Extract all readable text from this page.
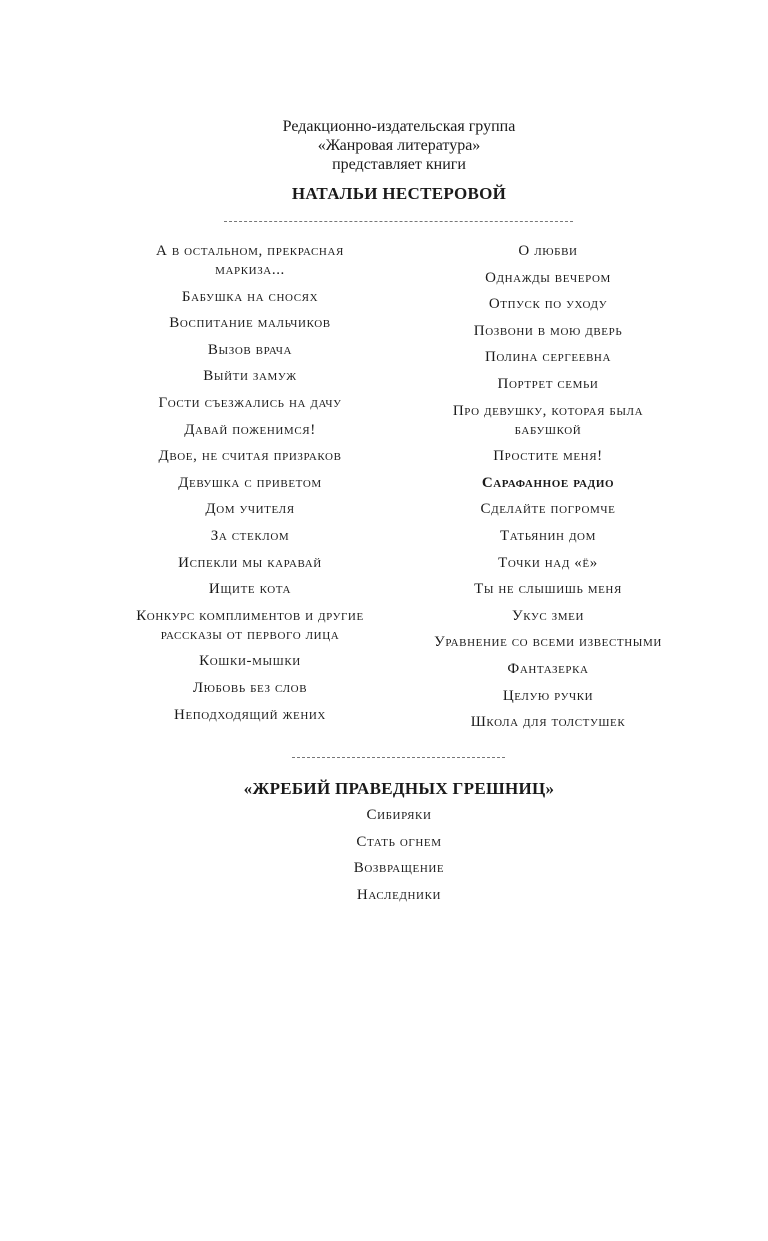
Редакционно-издательская группа
«Жанровая литература»
представляет книги
НАТАЛЬИ НЕСТЕРОВОЙ
А в остальном, прекрасная
маркиза...
Бабушка на сносях
Воспитание мальчиков
Вызов врача
Выйти замуж
Гости съезжались на дачу
Давай поженимся!
Двое, не считая призраков
Девушка с приветом
Дом учителя
За стеклом
Испекли мы каравай
Ищите кота
Конкурс комплиментов и другие
рассказы от первого лица
Кошки-мышки
Любовь без слов
Неподходящий жених
О любви
Однажды вечером
Отпуск по уходу
Позвони в мою дверь
Полина сергеевна
Портрет семьи
Про девушку, которая была
бабушкой
Простите меня!
Сарафанное радио
Сделайте погромче
Татьянин дом
Точки над «ё»
Ты не слышишь меня
Укус змеи
Уравнение со всеми известными
Фантазерка
Целую ручки
Школа для толстушек
«ЖРЕБИЙ ПРАВЕДНЫХ ГРЕШНИЦ»
Сибиряки
Стать огнем
Возвращение
Наследники
